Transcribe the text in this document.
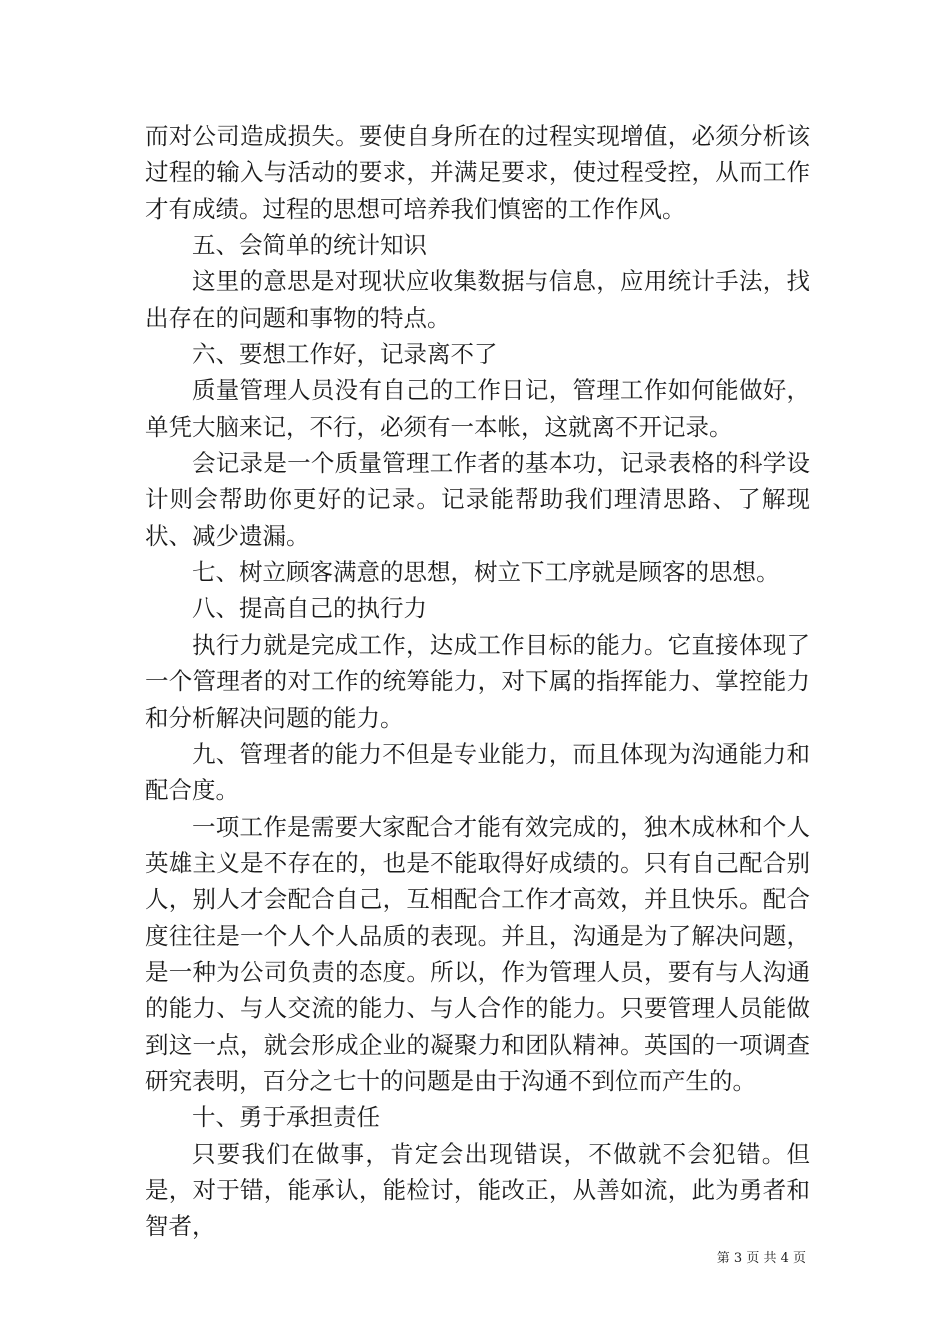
而对公司造成损失。要使自身所在的过程实现增值，必须分析该过程的输入与活动的要求，并满足要求，使过程受控，从而工作才有成绩。过程的思想可培养我们慎密的工作作风。

五、会简单的统计知识

这里的意思是对现状应收集数据与信息，应用统计手法，找出存在的问题和事物的特点。

六、要想工作好，记录离不了

质量管理人员没有自己的工作日记，管理工作如何能做好，单凭大脑来记，不行，必须有一本帐，这就离不开记录。

会记录是一个质量管理工作者的基本功，记录表格的科学设计则会帮助你更好的记录。记录能帮助我们理清思路、了解现状、减少遗漏。

七、树立顾客满意的思想，树立下工序就是顾客的思想。

八、提高自己的执行力

执行力就是完成工作，达成工作目标的能力。它直接体现了一个管理者的对工作的统筹能力，对下属的指挥能力、掌控能力和分析解决问题的能力。

九、管理者的能力不但是专业能力，而且体现为沟通能力和配合度。

一项工作是需要大家配合才能有效完成的，独木成林和个人英雄主义是不存在的，也是不能取得好成绩的。只有自己配合别人，别人才会配合自己，互相配合工作才高效，并且快乐。配合度往往是一个人个人品质的表现。并且，沟通是为了解决问题，是一种为公司负责的态度。所以，作为管理人员，要有与人沟通的能力、与人交流的能力、与人合作的能力。只要管理人员能做到这一点，就会形成企业的凝聚力和团队精神。英国的一项调查研究表明，百分之七十的问题是由于沟通不到位而产生的。

十、勇于承担责任

只要我们在做事，肯定会出现错误，不做就不会犯错。但是，对于错，能承认，能检讨，能改正，从善如流，此为勇者和智者，

第 3 页 共 4 页
